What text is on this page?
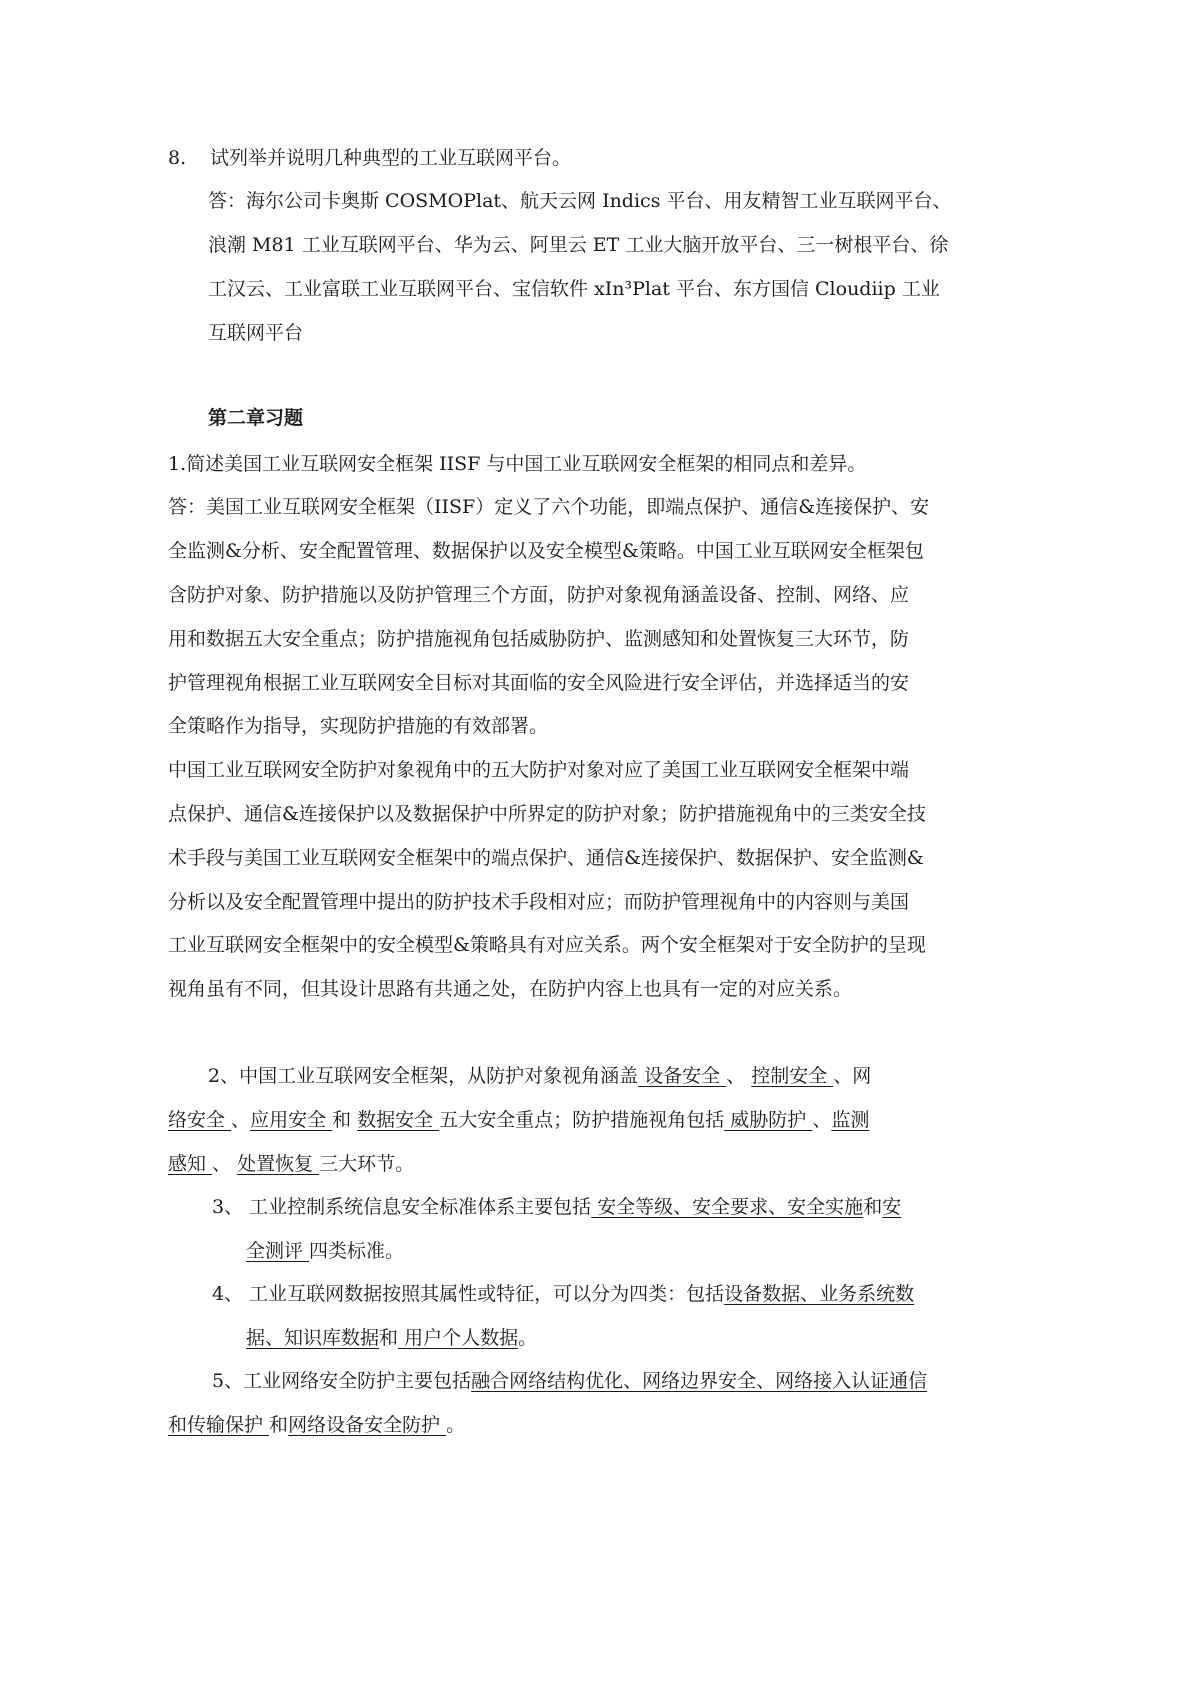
8. 试列举并说明几种典型的工业互联网平台。
答：海尔公司卡奥斯 COSMOPlat、航天云网 Indics 平台、用友精智工业互联网平台、
浪潮 M81 工业互联网平台、华为云、阿里云 ET 工业大脑开放平台、三一树根平台、徐
工汉云、工业富联工业互联网平台、宝信软件 xIn³Plat 平台、东方国信 Cloudiip 工业
互联网平台
第二章习题
1.简述美国工业互联网安全框架 IISF 与中国工业互联网安全框架的相同点和差异。
答：美国工业互联网安全框架（IISF）定义了六个功能，即端点保护、通信&连接保护、安
全监测&分析、安全配置管理、数据保护以及安全模型&策略。中国工业互联网安全框架包
含防护对象、防护措施以及防护管理三个方面，防护对象视角涵盖设备、控制、网络、应
用和数据五大安全重点；防护措施视角包括威胁防护、监测感知和处置恢复三大环节，防
护管理视角根据工业互联网安全目标对其面临的安全风险进行安全评估，并选择适当的安
全策略作为指导，实现防护措施的有效部署。
中国工业互联网安全防护对象视角中的五大防护对象对应了美国工业互联网安全框架中端
点保护、通信&连接保护以及数据保护中所界定的防护对象；防护措施视角中的三类安全技
术手段与美国工业互联网安全框架中的端点保护、通信&连接保护、数据保护、安全监测&
分析以及安全配置管理中提出的防护技术手段相对应；而防护管理视角中的内容则与美国
工业互联网安全框架中的安全模型&策略具有对应关系。两个安全框架对于安全防护的呈现
视角虽有不同，但其设计思路有共通之处，在防护内容上也具有一定的对应关系。
2、中国工业互联网安全框架，从防护对象视角涵盖 设备安全 、 控制安全 、网
络安全 、应用安全 和 数据安全 五大安全重点；防护措施视角包括 威胁防护 、监测
感知 、 处置恢复 三大环节。
3、 工业控制系统信息安全标准体系主要包括 安全等级、安全要求、安全实施和安
全测评 四类标准。
4、 工业互联网数据按照其属性或特征，可以分为四类：包括设备数据、业务系统数
据、知识库数据和 用户个人数据。
5、工业网络安全防护主要包括融合网络结构优化、网络边界安全、网络接入认证通信
和传输保护 和网络设备安全防护 。
